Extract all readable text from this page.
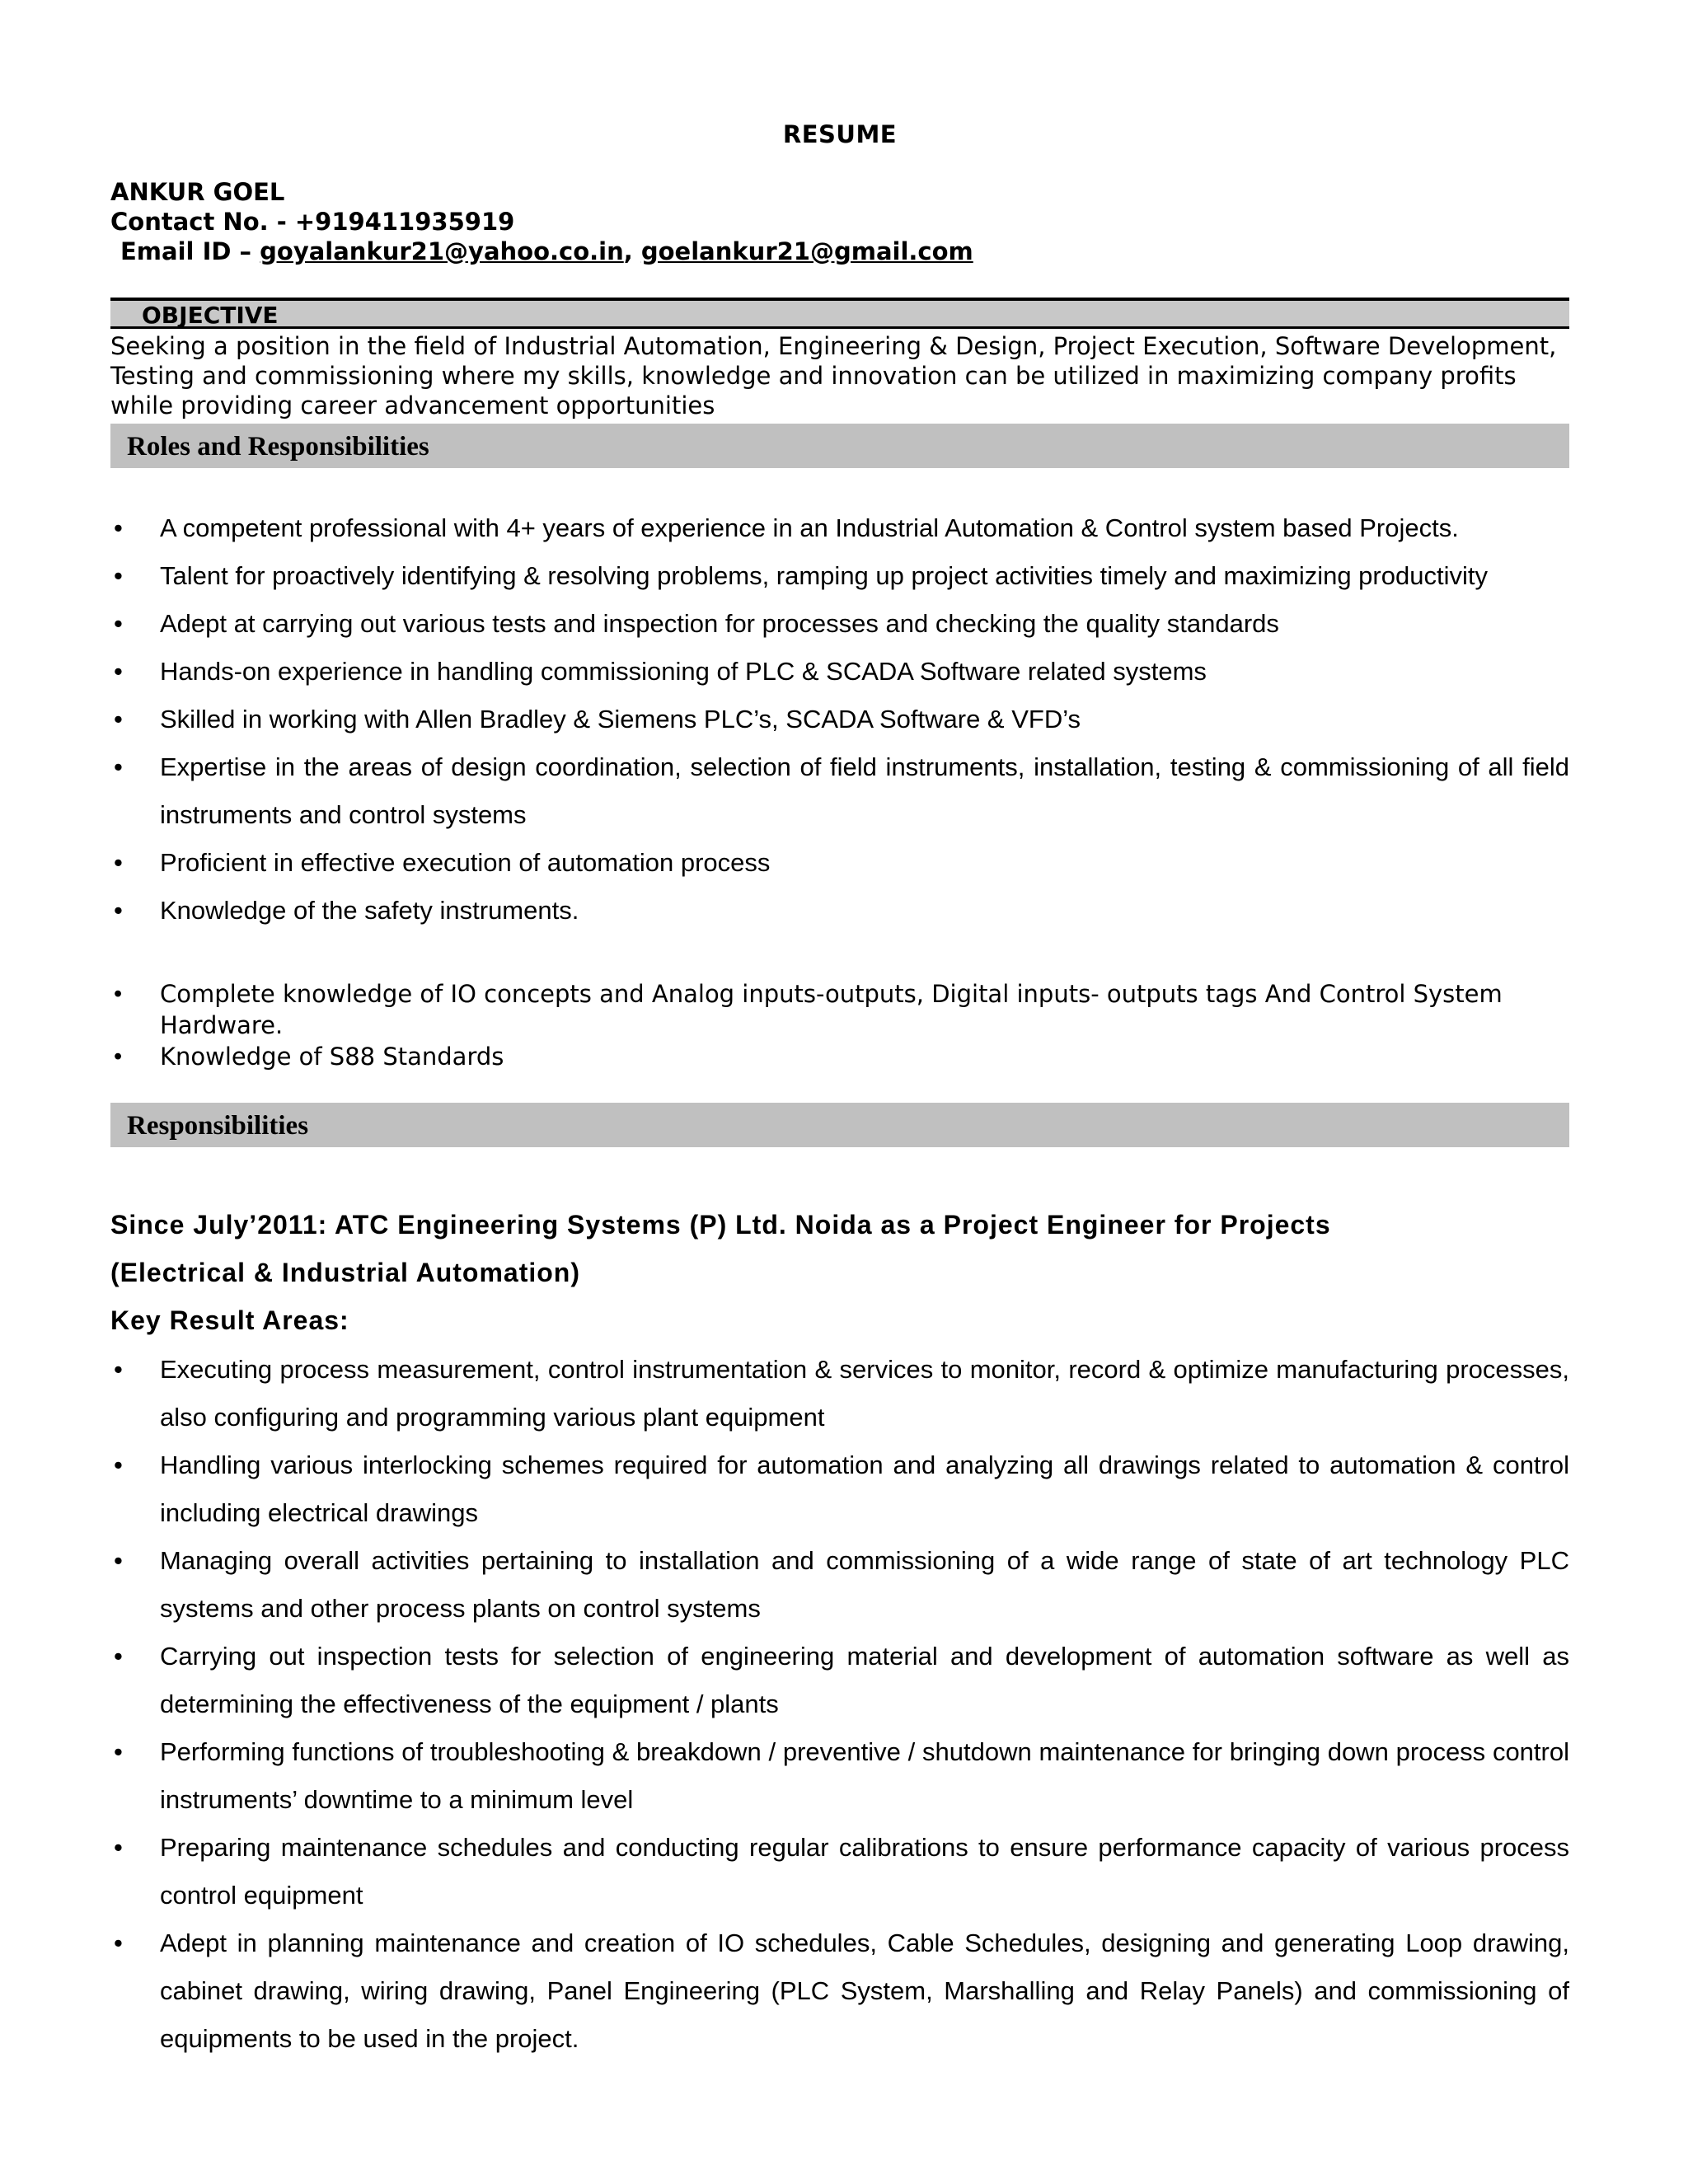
RESUME
ANKUR GOEL
Contact No. - +919411935919
Email ID – goyalankur21@yahoo.co.in, goelankur21@gmail.com
OBJECTIVE
Seeking a position in the field of Industrial Automation, Engineering & Design, Project Execution, Software Development, Testing and commissioning where my skills, knowledge and innovation can be utilized in maximizing company profits while providing career advancement opportunities
Roles and Responsibilities
• A competent professional with 4+ years of experience in an Industrial Automation & Control system based Projects.
• Talent for proactively identifying & resolving problems, ramping up project activities timely and maximizing productivity
• Adept at carrying out various tests and inspection for processes and checking the quality standards
• Hands-on experience in handling commissioning of PLC & SCADA Software related systems
• Skilled in working with Allen Bradley & Siemens PLC’s, SCADA Software & VFD’s
• Expertise in the areas of design coordination, selection of field instruments, installation, testing & commissioning of all field instruments and control systems
• Proficient in effective execution of automation process
• Knowledge of the safety instruments.
• Complete knowledge of IO concepts and Analog inputs-outputs, Digital inputs- outputs tags And Control System Hardware.
• Knowledge of S88 Standards
Responsibilities
Since July’2011: ATC Engineering Systems (P) Ltd. Noida as a Project Engineer for Projects
(Electrical & Industrial Automation)
Key Result Areas:
• Executing process measurement, control instrumentation & services to monitor, record & optimize manufacturing processes, also configuring and programming various plant equipment
• Handling various interlocking schemes required for automation and analyzing all drawings related to automation & control including electrical drawings
• Managing overall activities pertaining to installation and commissioning of a wide range of state of art technology PLC systems and other process plants on control systems
• Carrying out inspection tests for selection of engineering material and development of automation software as well as determining the effectiveness of the equipment / plants
• Performing functions of troubleshooting & breakdown / preventive / shutdown maintenance for bringing down process control instruments’ downtime to a minimum level
• Preparing maintenance schedules and conducting regular calibrations to ensure performance capacity of various process control equipment
• Adept in planning maintenance and creation of IO schedules, Cable Schedules, designing and generating Loop drawing, cabinet drawing, wiring drawing, Panel Engineering (PLC System, Marshalling and Relay Panels) and commissioning of equipments to be used in the project.
